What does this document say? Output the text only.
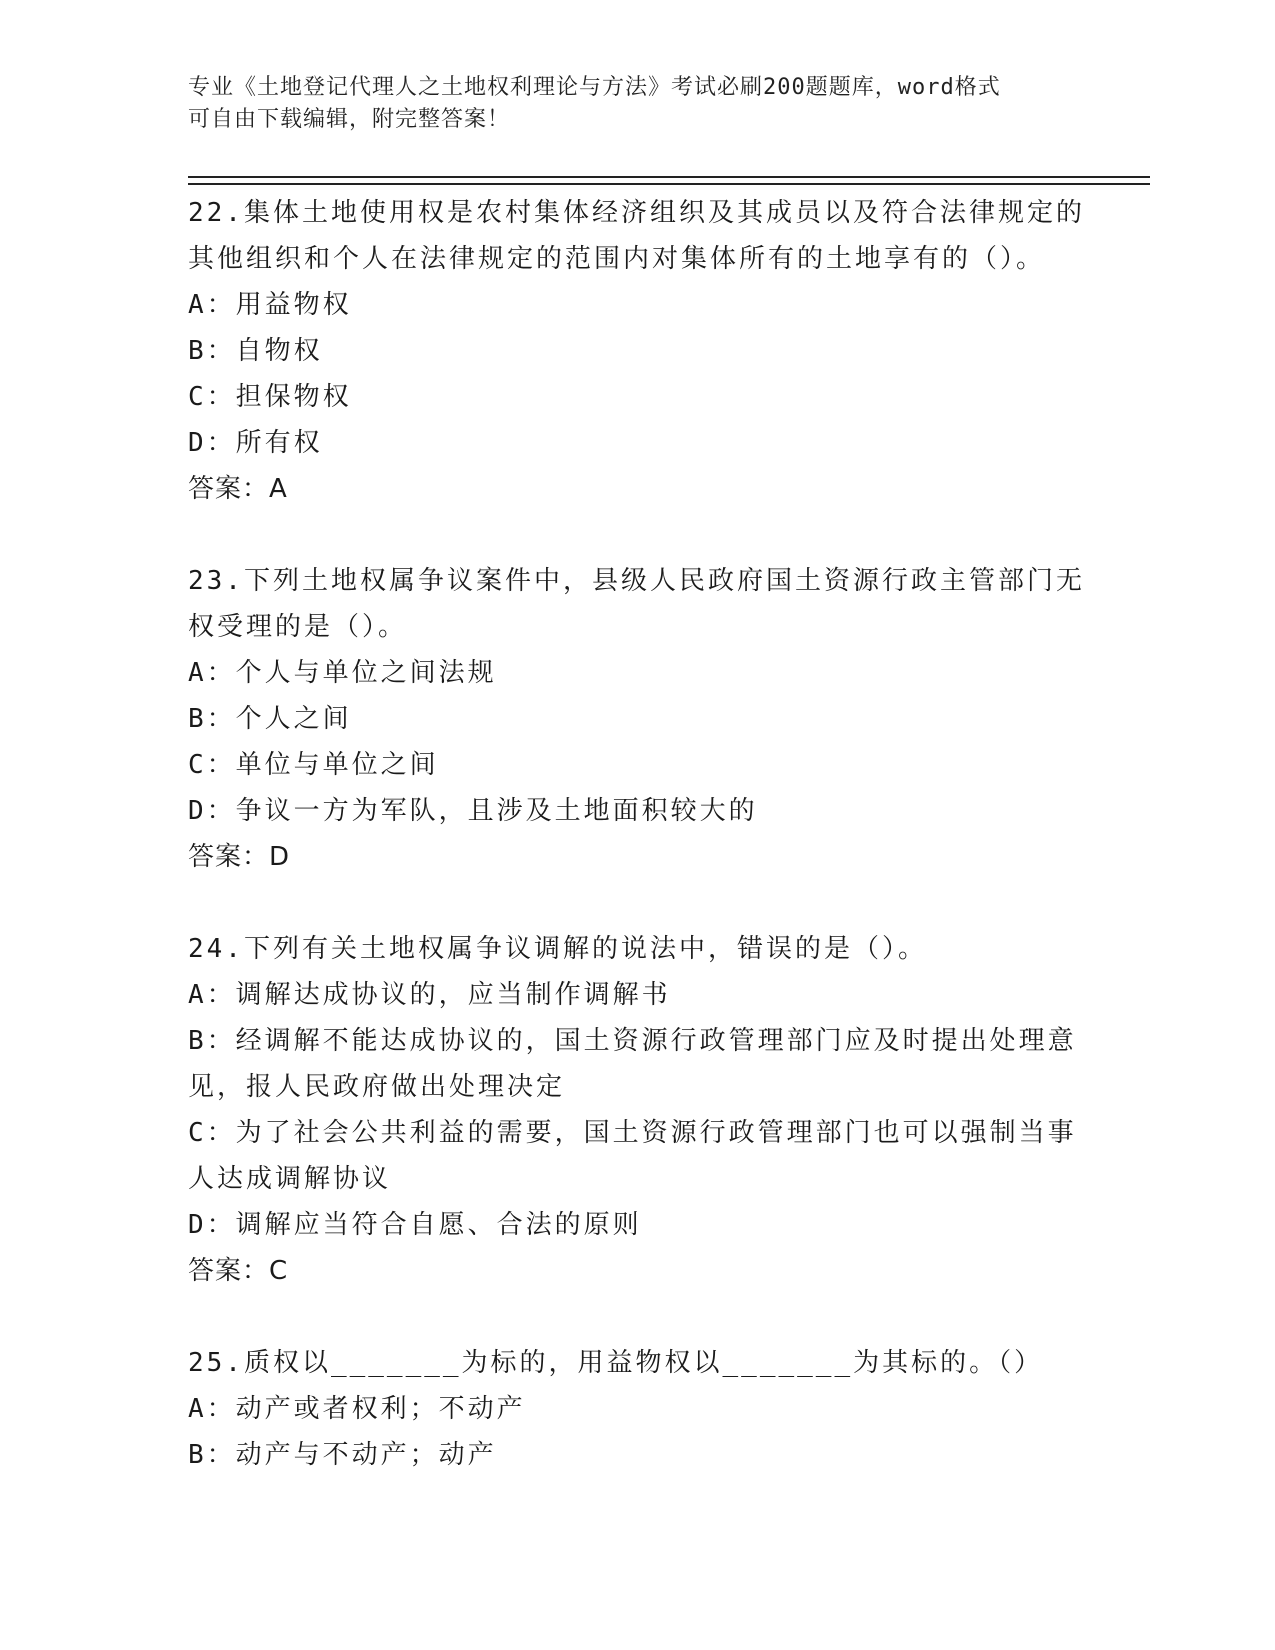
专业《土地登记代理人之土地权利理论与方法》考试必刷200题题库，word格式
可自由下载编辑，附完整答案！
22.集体土地使用权是农村集体经济组织及其成员以及符合法律规定的
其他组织和个人在法律规定的范围内对集体所有的土地享有的（）。
A：用益物权
B：自物权
C：担保物权
D：所有权
答案：A
23.下列土地权属争议案件中，县级人民政府国土资源行政主管部门无
权受理的是（）。
A：个人与单位之间法规
B：个人之间
C：单位与单位之间
D：争议一方为军队，且涉及土地面积较大的
答案：D
24.下列有关土地权属争议调解的说法中，错误的是（）。
A：调解达成协议的，应当制作调解书
B：经调解不能达成协议的，国土资源行政管理部门应及时提出处理意
见，报人民政府做出处理决定
C：为了社会公共利益的需要，国土资源行政管理部门也可以强制当事
人达成调解协议
D：调解应当符合自愿、合法的原则
答案：C
25.质权以_______为标的，用益物权以_______为其标的。（）
A：动产或者权利；不动产
B：动产与不动产；动产
